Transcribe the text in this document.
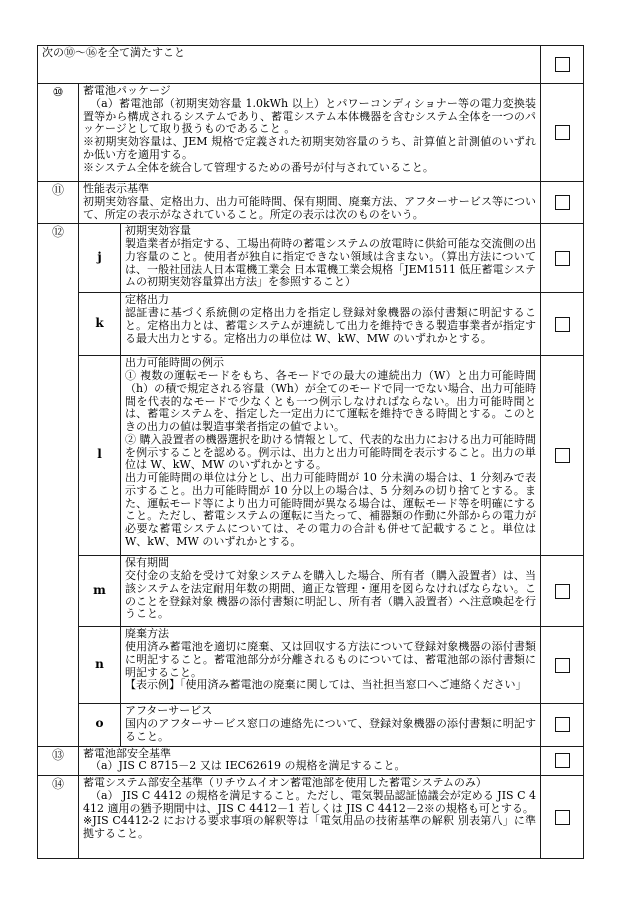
次の⑩～⑯を全て満たすこと			

⑩	蓄電池パッケージ
（a）蓄電池部（初期実効容量 1.0kWh 以上）とパワーコンディショナー等の電力変換装置等から構成されるシステムであり、蓄電システム本体機器を含むシステム全体を一つのパッケージとして取り扱うものであること 。
※初期実効容量は、JEM 規格で定義された初期実効容量のうち、計算値と計測値のいずれか低い方を適用する。
※システム全体を統合して管理するための番号が付与されていること。		

⑪	性能表示基準
初期実効容量、定格出力、出力可能時間、保有期間、廃棄方法、アフターサービス等について、所定の表示がなされていること。所定の表示は次のものをいう。		

⑫	j	初期実効容量
製造業者が指定する、工場出荷時の蓄電システムの放電時に供給可能な交流側の出力容量のこと。使用者が独自に指定できない領域は含まない。（算出方法については、一般社団法人日本電機工業会 日本電機工業会規格「JEM1511 低圧蓄電システムの初期実効容量算出方法」を参照すること）	

	k	定格出力
認証書に基づく系統側の定格出力を指定し登録対象機器の添付書類に明記すること。定格出力とは、蓄電システムが連続して出力を維持できる製造事業者が指定する最大出力とする。定格出力の単位は W、kW、MW のいずれかとする。	

	l	出力可能時間の例示
① 複数の運転モードをもち、各モードでの最大の連続出力（W）と出力可能時間（h）の積で規定される容量（Wh）が全てのモードで同一でない場合、出力可能時間を代表的なモードで少なくとも一つ例示しなければならない。出力可能時間とは、蓄電システムを、指定した一定出力にて運転を維持できる時間とする。このときの出力の値は製造事業者指定の値でよい。
② 購入設置者の機器選択を助ける情報として、代表的な出力における出力可能時間を例示することを認める。例示は、出力と出力可能時間を表示すること。出力の単位は W、kW、MW のいずれかとする。
出力可能時間の単位は分とし、出力可能時間が 10 分未満の場合は、1 分刻みで表示すること。出力可能時間が 10 分以上の場合は、5 分刻みの切り捨てとする。また、運転モード等により出力可能時間が異なる場合は、運転モード等を明確にすること。ただし、蓄電システムの運転に当たって、補器類の作動に外部からの電力が必要な蓄電システムについては、その電力の合計も併せて記載すること。単位は W、kW、MW のいずれかとする。	

	m	保有期間
交付金の支給を受けて対象システムを購入した場合、所有者（購入設置者）は、当該システムを法定耐用年数の期間、適正な管理・運用を図らなければならない。このことを登録対象 機器の添付書類に明記し、所有者（購入設置者）へ注意喚起を行うこと。	

	n	廃棄方法
使用済み蓄電池を適切に廃棄、又は回収する方法について登録対象機器の添付書類に明記すること。蓄電池部分が分離されるものについては、蓄電池部の添付書類に明記すること。
【表示例】「使用済み蓄電池の廃棄に関しては、当社担当窓口へご連絡ください」	

	o	アフターサービス
国内のアフターサービス窓口の連絡先について、登録対象機器の添付書類に明記すること。	

⑬	蓄電池部安全基準
（a）JIS C 8715－2 又は IEC62619 の規格を満足すること。		

⑭	蓄電システム部安全基準（リチウムイオン蓄電池部を使用した蓄電システムのみ）
（a） JIS C 4412 の規格を満足すること。ただし、電気製品認証協議会が定める JIS C 4412 適用の猶予期間中は、JIS C 4412－1 若しくは JIS C 4412－2※の規格も可とする。
※JIS C4412-2 における要求事項の解釈等は「電気用品の技術基準の解釈 別表第八」に準拠すること。		
